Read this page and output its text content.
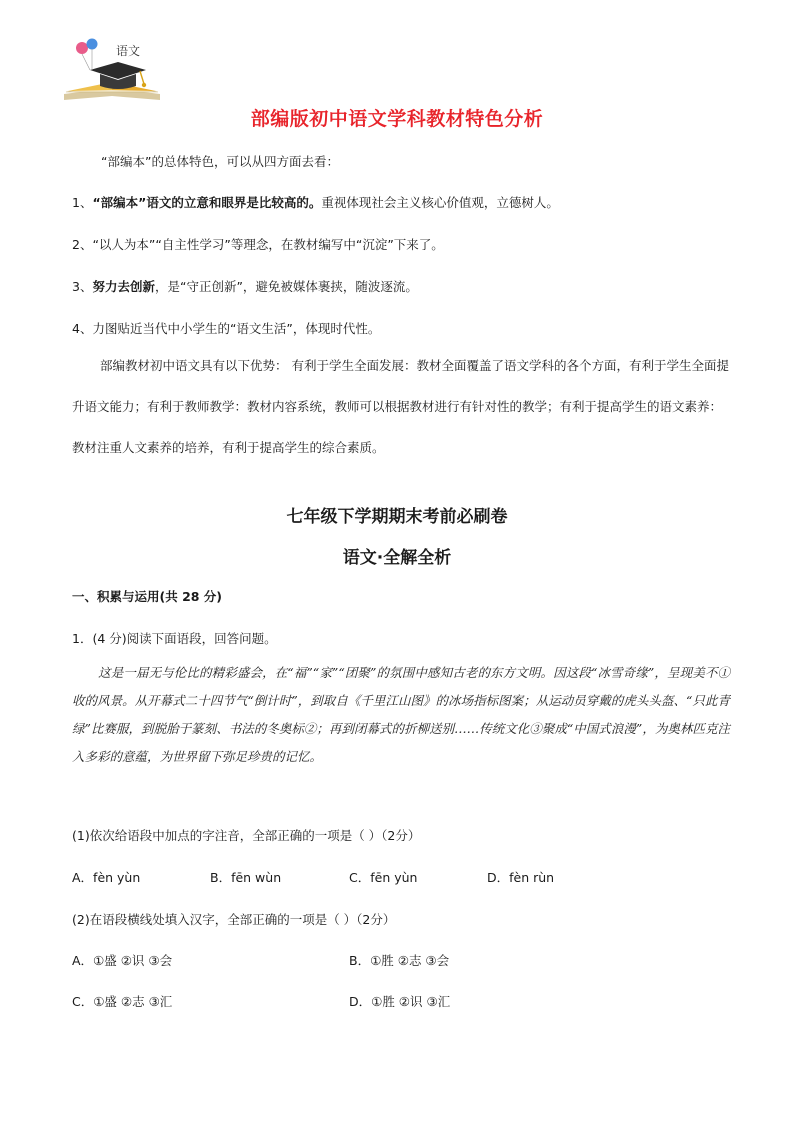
语文
部编版初中语文学科教材特色分析
“部编本”的总体特色，可以从四方面去看：
1、“部编本”语文的立意和眼界是比较高的。重视体现社会主义核心价值观，立德树人。
2、“以人为本”“自主性学习”等理念，在教材编写中“沉淀”下来了。
3、努力去创新，是“守正创新”，避免被媒体裹挟，随波逐流。
4、力图贴近当代中小学生的“语文生活”，体现时代性。
部编教材初中语文具有以下优势： 有利于学生全面发展：教材全面覆盖了语文学科的各个方面，有利于学生全面提升语文能力；有利于教师教学：教材内容系统，教师可以根据教材进行有针对性的教学；有利于提高学生的语文素养：教材注重人文素养的培养，有利于提高学生的综合素质。
七年级下学期期末考前必刷卷
语文·全解全析
一、积累与运用(共 28 分)
1．(4 分)阅读下面语段，回答问题。
这是一届无与伦比的精彩盛会，在“福”“家”“团聚”的氛围中感知古老的东方文明。因这段“冰雪奇缘”，呈现美不①收的风景。从开幕式二十四节气“倒计时”，到取自《千里江山图》的冰场指标图案；从运动员穿戴的虎头头盔、“只此青绿”比赛服，到脱胎于篆刻、书法的冬奥标②；再到闭幕式的折柳送别……传统文化③聚成“中国式浪漫”，为奥林匹克注入多彩的意蕴，为世界留下弥足珍贵的记忆。
(1)依次给语段中加点的字注音，全部正确的一项是（ ）（2分）
A．fèn yùn	B．fēn wùn	C．fēn yùn	D．fèn rùn
(2)在语段横线处填入汉字，全部正确的一项是（ ）（2分）
A．①盛 ②识 ③会	B．①胜 ②志 ③会
C．①盛 ②志 ③汇	D．①胜 ②识 ③汇
